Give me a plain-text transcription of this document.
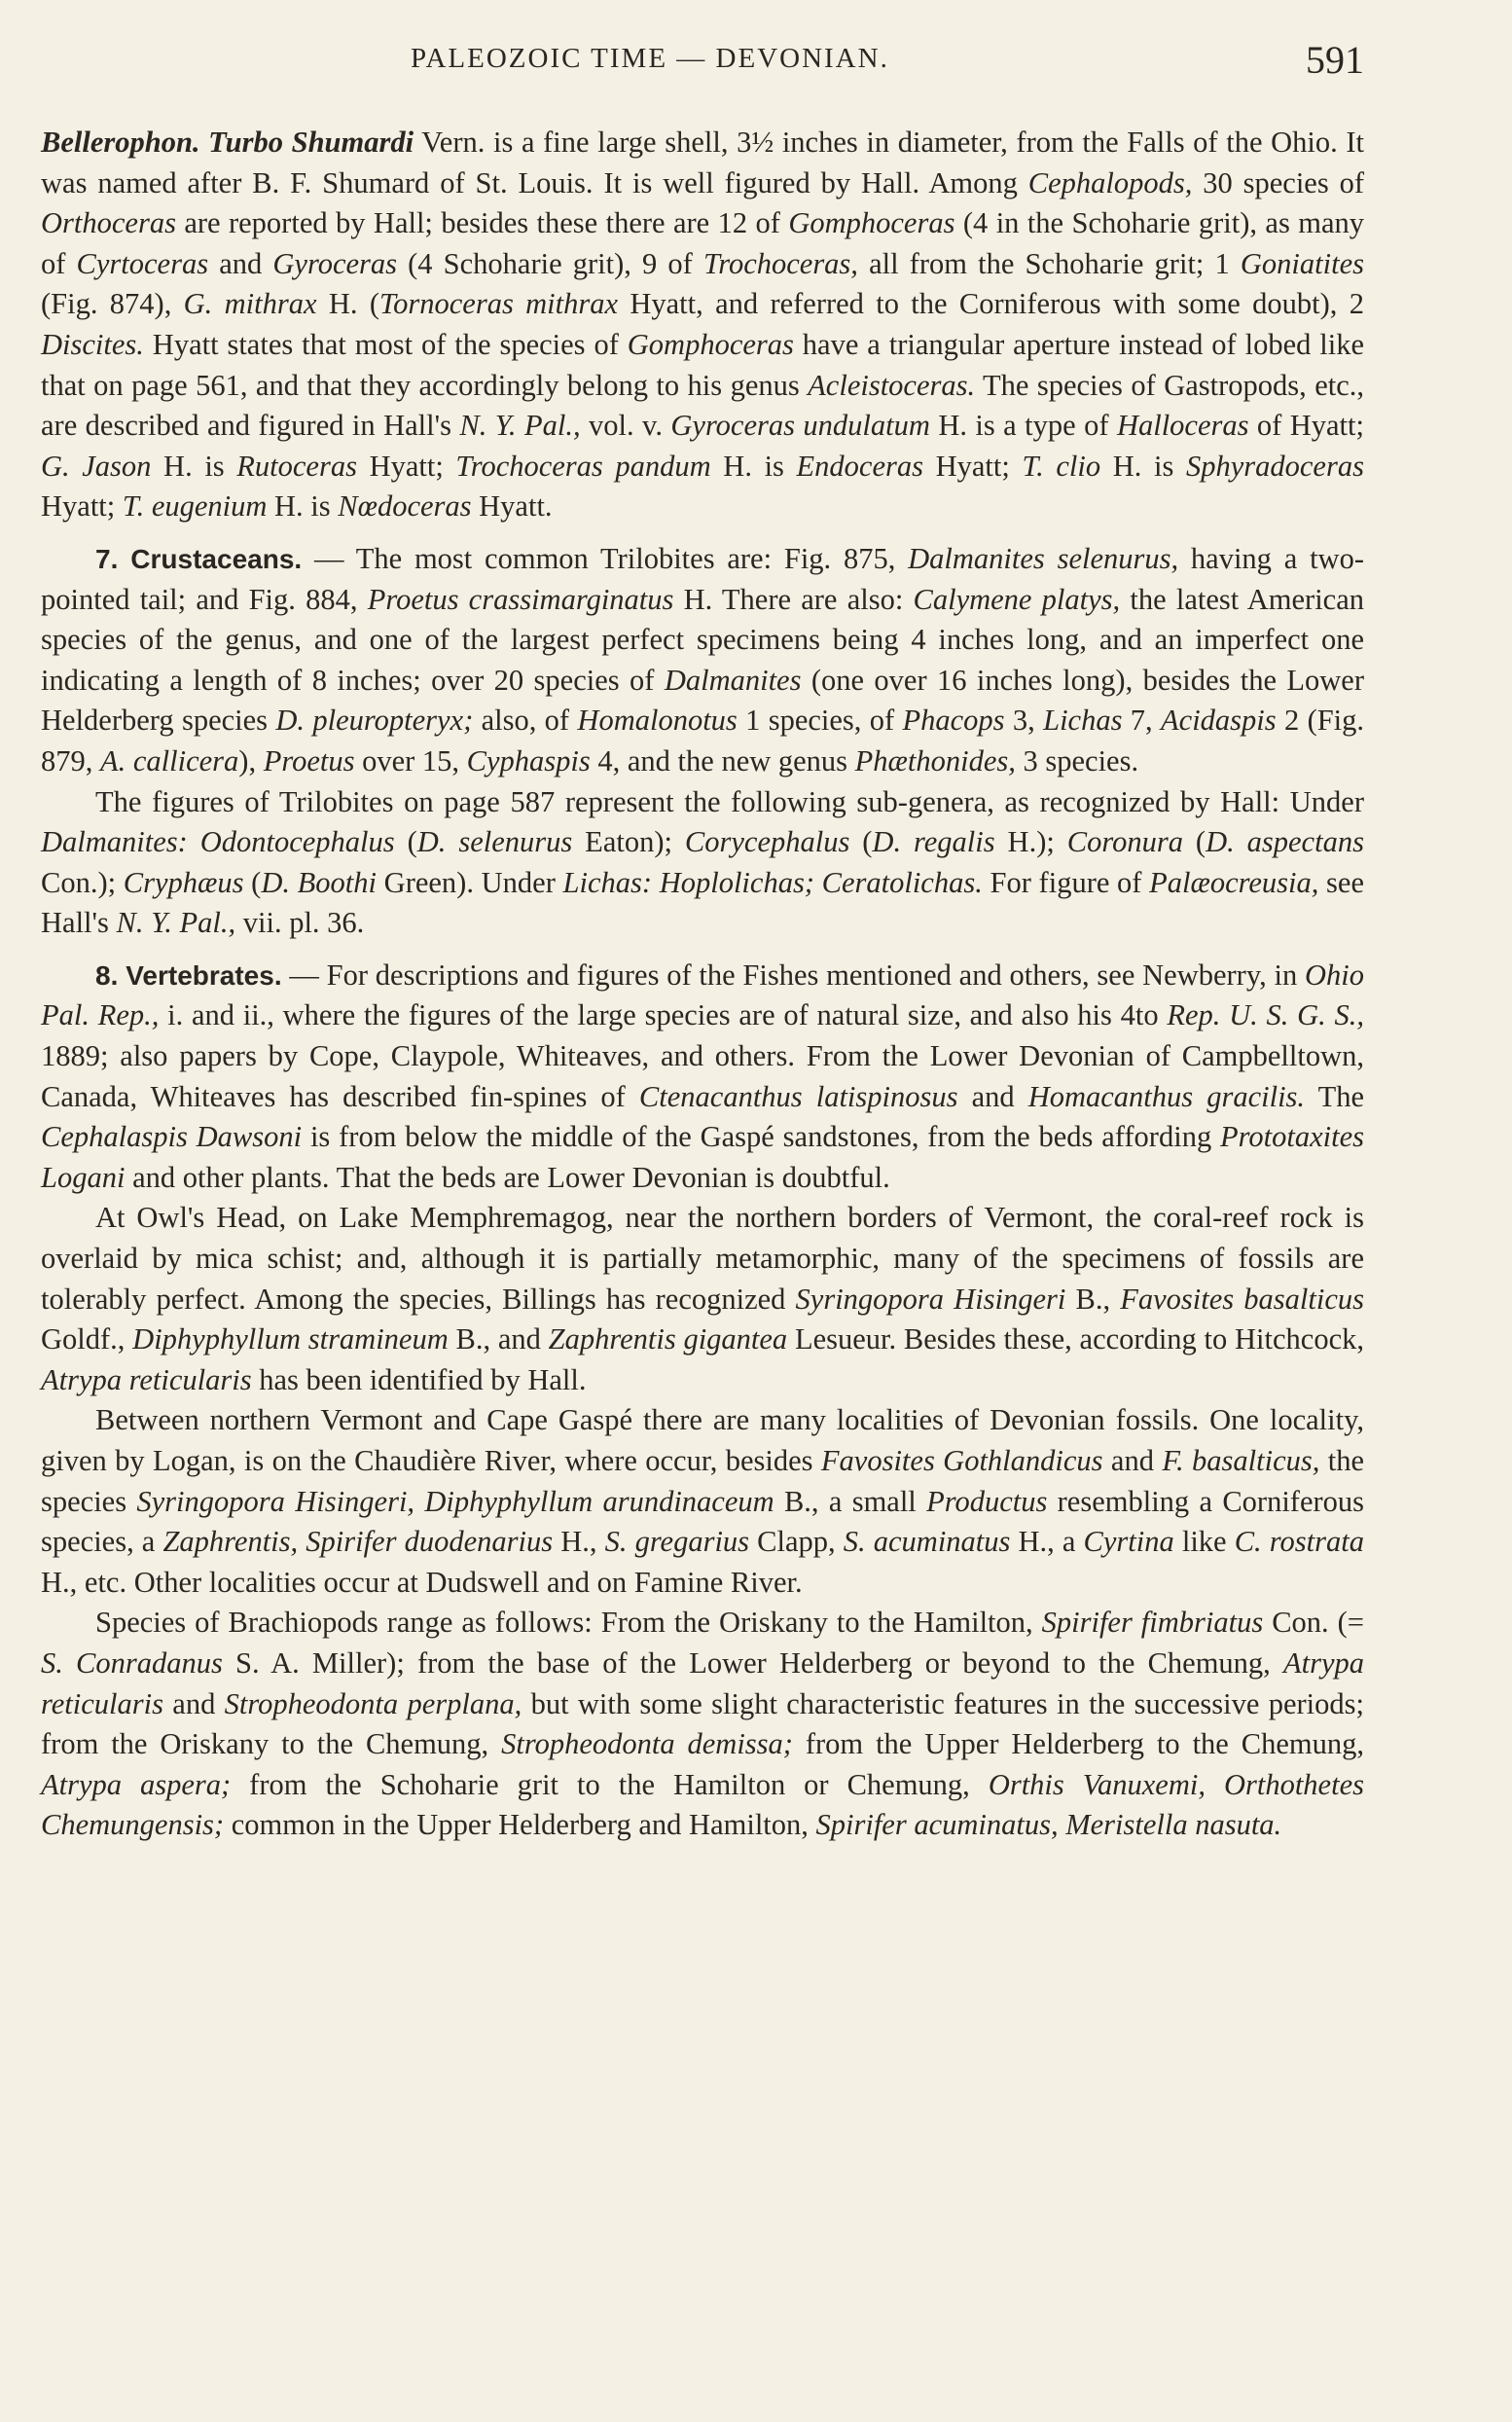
PALEOZOIC TIME — DEVONIAN.	591

Bellerophon. Turbo Shumardi Vern. is a fine large shell, 3½ inches in diameter, from the Falls of the Ohio. It was named after B. F. Shumard of St. Louis. It is well figured by Hall. Among Cephalopods, 30 species of Orthoceras are reported by Hall; besides these there are 12 of Gomphoceras (4 in the Schoharie grit), as many of Cyrtoceras and Gyroceras (4 Schoharie grit), 9 of Trochoceras, all from the Schoharie grit; 1 Goniatites (Fig. 874), G. mithrax H. (Tornoceras mithrax Hyatt, and referred to the Corniferous with some doubt), 2 Discites. Hyatt states that most of the species of Gomphoceras have a triangular aperture instead of lobed like that on page 561, and that they accordingly belong to his genus Acleistoceras. The species of Gastropods, etc., are described and figured in Hall's N. Y. Pal., vol. v. Gyroceras undulatum H. is a type of Halloceras of Hyatt; G. Jason H. is Rutoceras Hyatt; Trochoceras pandum H. is Endoceras Hyatt; T. clio H. is Sphyradoceras Hyatt; T. eugenium H. is Nœdoceras Hyatt.

7. Crustaceans. — The most common Trilobites are: Fig. 875, Dalmanites selenurus, having a two-pointed tail; and Fig. 884, Proetus crassimarginatus H. There are also: Calymene platys, the latest American species of the genus, and one of the largest perfect specimens being 4 inches long, and an imperfect one indicating a length of 8 inches; over 20 species of Dalmanites (one over 16 inches long), besides the Lower Helderberg species D. pleuropteryx; also, of Homalonotus 1 species, of Phacops 3, Lichas 7, Acidaspis 2 (Fig. 879, A. callicera), Proetus over 15, Cyphaspis 4, and the new genus Phæthonides, 3 species.

The figures of Trilobites on page 587 represent the following sub-genera, as recognized by Hall: Under Dalmanites: Odontocephalus (D. selenurus Eaton); Corycephalus (D. regalis H.); Coronura (D. aspectans Con.); Cryphæus (D. Boothi Green). Under Lichas: Hoplolichas; Ceratolichas. For figure of Palæocreusia, see Hall's N. Y. Pal., vii. pl. 36.

8. Vertebrates. — For descriptions and figures of the Fishes mentioned and others, see Newberry, in Ohio Pal. Rep., i. and ii., where the figures of the large species are of natural size, and also his 4to Rep. U. S. G. S., 1889; also papers by Cope, Claypole, Whiteaves, and others. From the Lower Devonian of Campbelltown, Canada, Whiteaves has described fin-spines of Ctenacanthus latispinosus and Homacanthus gracilis. The Cephalaspis Dawsoni is from below the middle of the Gaspé sandstones, from the beds affording Prototaxites Logani and other plants. That the beds are Lower Devonian is doubtful.

At Owl's Head, on Lake Memphremagog, near the northern borders of Vermont, the coral-reef rock is overlaid by mica schist; and, although it is partially metamorphic, many of the specimens of fossils are tolerably perfect. Among the species, Billings has recognized Syringopora Hisingeri B., Favosites basalticus Goldf., Diphyphyllum stramineum B., and Zaphrentis gigantea Lesueur. Besides these, according to Hitchcock, Atrypa reticularis has been identified by Hall.

Between northern Vermont and Cape Gaspé there are many localities of Devonian fossils. One locality, given by Logan, is on the Chaudière River, where occur, besides Favosites Gothlandicus and F. basalticus, the species Syringopora Hisingeri, Diphyphyllum arundinaceum B., a small Productus resembling a Corniferous species, a Zaphrentis, Spirifer duodenarius H., S. gregarius Clapp, S. acuminatus H., a Cyrtina like C. rostrata H., etc. Other localities occur at Dudswell and on Famine River.

Species of Brachiopods range as follows: From the Oriskany to the Hamilton, Spirifer fimbriatus Con. (= S. Conradanus S. A. Miller); from the base of the Lower Helderberg or beyond to the Chemung, Atrypa reticularis and Stropheodonta perplana, but with some slight characteristic features in the successive periods; from the Oriskany to the Chemung, Stropheodonta demissa; from the Upper Helderberg to the Chemung, Atrypa aspera; from the Schoharie grit to the Hamilton or Chemung, Orthis Vanuxemi, Orthothetes Chemungensis; common in the Upper Helderberg and Hamilton, Spirifer acuminatus, Meristella nasuta.
